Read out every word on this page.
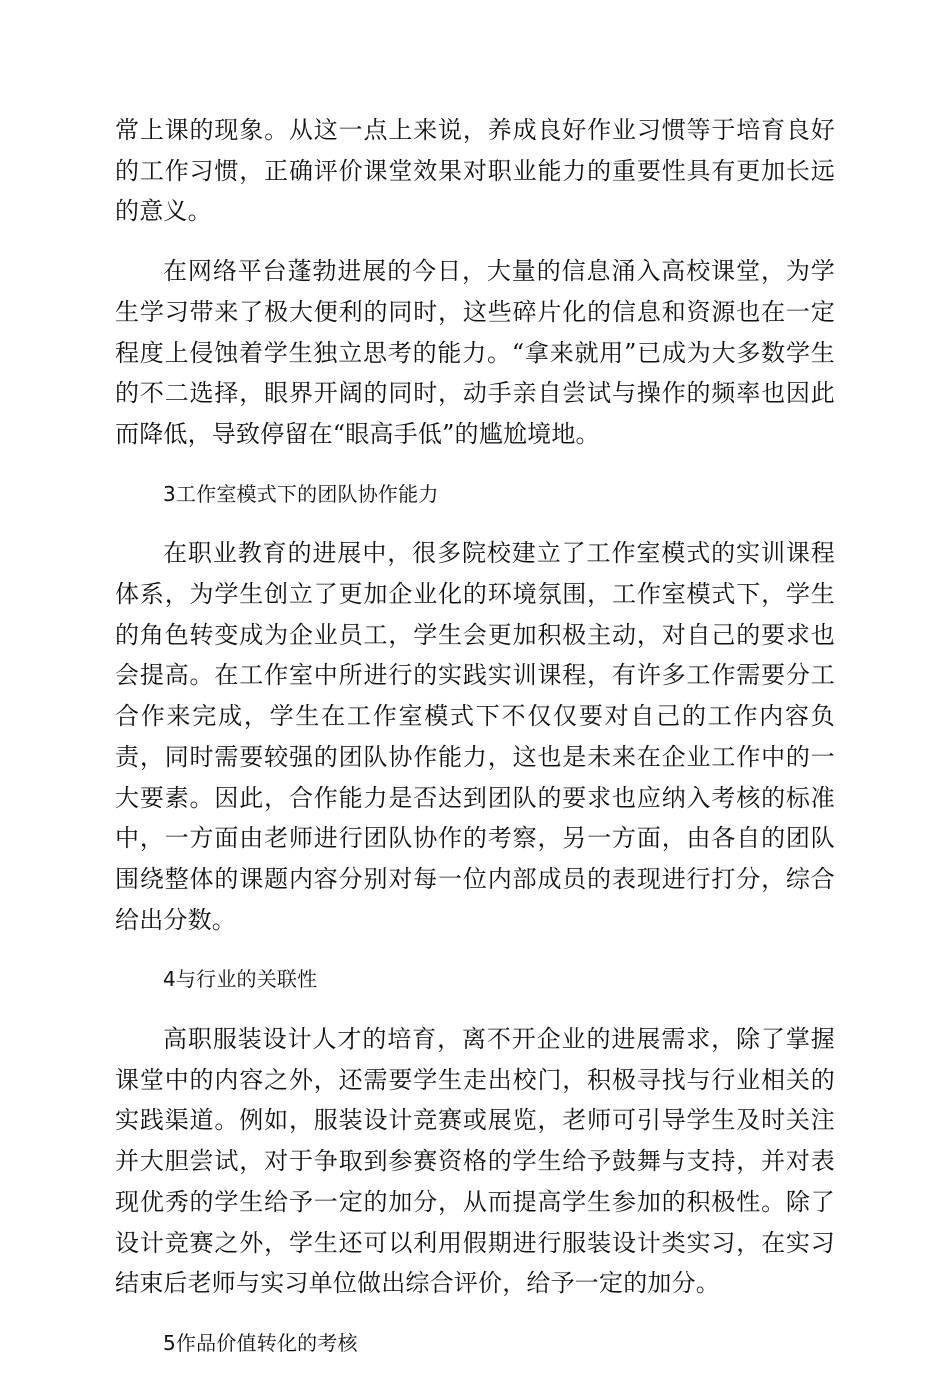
常上课的现象。从这一点上来说，养成良好作业习惯等于培育良好的工作习惯，正确评价课堂效果对职业能力的重要性具有更加长远的意义。

在网络平台蓬勃进展的今日，大量的信息涌入高校课堂，为学生学习带来了极大便利的同时，这些碎片化的信息和资源也在一定程度上侵蚀着学生独立思考的能力。“拿来就用”已成为大多数学生的不二选择，眼界开阔的同时，动手亲自尝试与操作的频率也因此而降低，导致停留在“眼高手低”的尴尬境地。

3工作室模式下的团队协作能力

在职业教育的进展中，很多院校建立了工作室模式的实训课程体系，为学生创立了更加企业化的环境氛围，工作室模式下，学生的角色转变成为企业员工，学生会更加积极主动，对自己的要求也会提高。在工作室中所进行的实践实训课程，有许多工作需要分工合作来完成，学生在工作室模式下不仅仅要对自己的工作内容负责，同时需要较强的团队协作能力，这也是未来在企业工作中的一大要素。因此，合作能力是否达到团队的要求也应纳入考核的标准中，一方面由老师进行团队协作的考察，另一方面，由各自的团队围绕整体的课题内容分别对每一位内部成员的表现进行打分，综合给出分数。

4与行业的关联性

高职服装设计人才的培育，离不开企业的进展需求，除了掌握课堂中的内容之外，还需要学生走出校门，积极寻找与行业相关的实践渠道。例如，服装设计竞赛或展览，老师可引导学生及时关注并大胆尝试，对于争取到参赛资格的学生给予鼓舞与支持，并对表现优秀的学生给予一定的加分，从而提高学生参加的积极性。除了设计竞赛之外，学生还可以利用假期进行服装设计类实习，在实习结束后老师与实习单位做出综合评价，给予一定的加分。

5作品价值转化的考核
